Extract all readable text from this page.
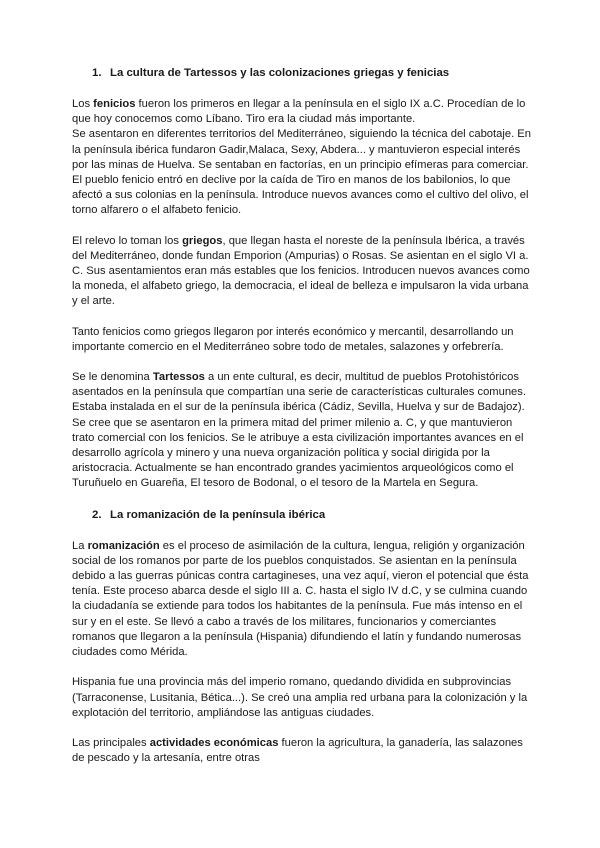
1. La cultura de Tartessos y las colonizaciones griegas y fenicias

Los fenicios fueron los primeros en llegar a la península en el siglo IX a.C. Procedían de lo que hoy conocemos como Líbano. Tiro era la ciudad más importante.

Se asentaron en diferentes territorios del Mediterráneo, siguiendo la técnica del cabotaje. En la península ibérica fundaron Gadir,Malaca, Sexy, Abdera... y mantuvieron especial interés por las minas de Huelva. Se sentaban en factorías, en un principio efímeras para comerciar. El pueblo fenicio entró en declive por la caída de Tiro en manos de los babilonios, lo que afectó a sus colonias en la península. Introduce nuevos avances como el cultivo del olivo, el torno alfarero o el alfabeto fenicio.

El relevo lo toman los griegos, que llegan hasta el noreste de la península Ibérica, a través del Mediterráneo, donde fundan Emporion (Ampurias) o Rosas. Se asientan en el siglo VI a. C. Sus asentamientos eran más estables que los fenicios. Introducen nuevos avances como la moneda, el alfabeto griego, la democracia, el ideal de belleza e impulsaron la vida urbana y el arte.

Tanto fenicios como griegos llegaron por interés económico y mercantil, desarrollando un importante comercio en el Mediterráneo sobre todo de metales, salazones y orfebrería.

Se le denomina Tartessos a un ente cultural, es decir, multitud de pueblos Protohistóricos asentados en la península que compartían una serie de características culturales comunes. Estaba instalada en el sur de la península ibérica (Cádiz, Sevilla, Huelva y sur de Badajoz). Se cree que se asentaron en la primera mitad del primer milenio a. C, y que mantuvieron trato comercial con los fenicios. Se le atribuye a esta civilización importantes avances en el desarrollo agrícola y minero y una nueva organización política y social dirigida por la aristocracia. Actualmente se han encontrado grandes yacimientos arqueológicos como el Turuñuelo en Guareña, El tesoro de Bodonal, o el tesoro de la Martela en Segura.

2. La romanización de la península ibérica

La romanización es el proceso de asimilación de la cultura, lengua, religión y organización social de los romanos por parte de los pueblos conquistados. Se asientan en la península debido a las guerras púnicas contra cartagineses, una vez aquí, vieron el potencial que ésta tenía. Este proceso abarca desde el siglo III a. C. hasta el siglo IV d.C, y se culmina cuando la ciudadanía se extiende para todos los habitantes de la península. Fue más intenso en el sur y en el este. Se llevó a cabo a través de los militares, funcionarios y comerciantes romanos que llegaron a la península (Hispania) difundiendo el latín y fundando numerosas ciudades como Mérida.

Hispania fue una provincia más del imperio romano, quedando dividida en subprovincias (Tarraconense, Lusitania, Bética...). Se creó una amplia red urbana para la colonización y la explotación del territorio, ampliándose las antiguas ciudades.

Las principales actividades económicas fueron la agricultura, la ganadería, las salazones de pescado y la artesanía, entre otras
